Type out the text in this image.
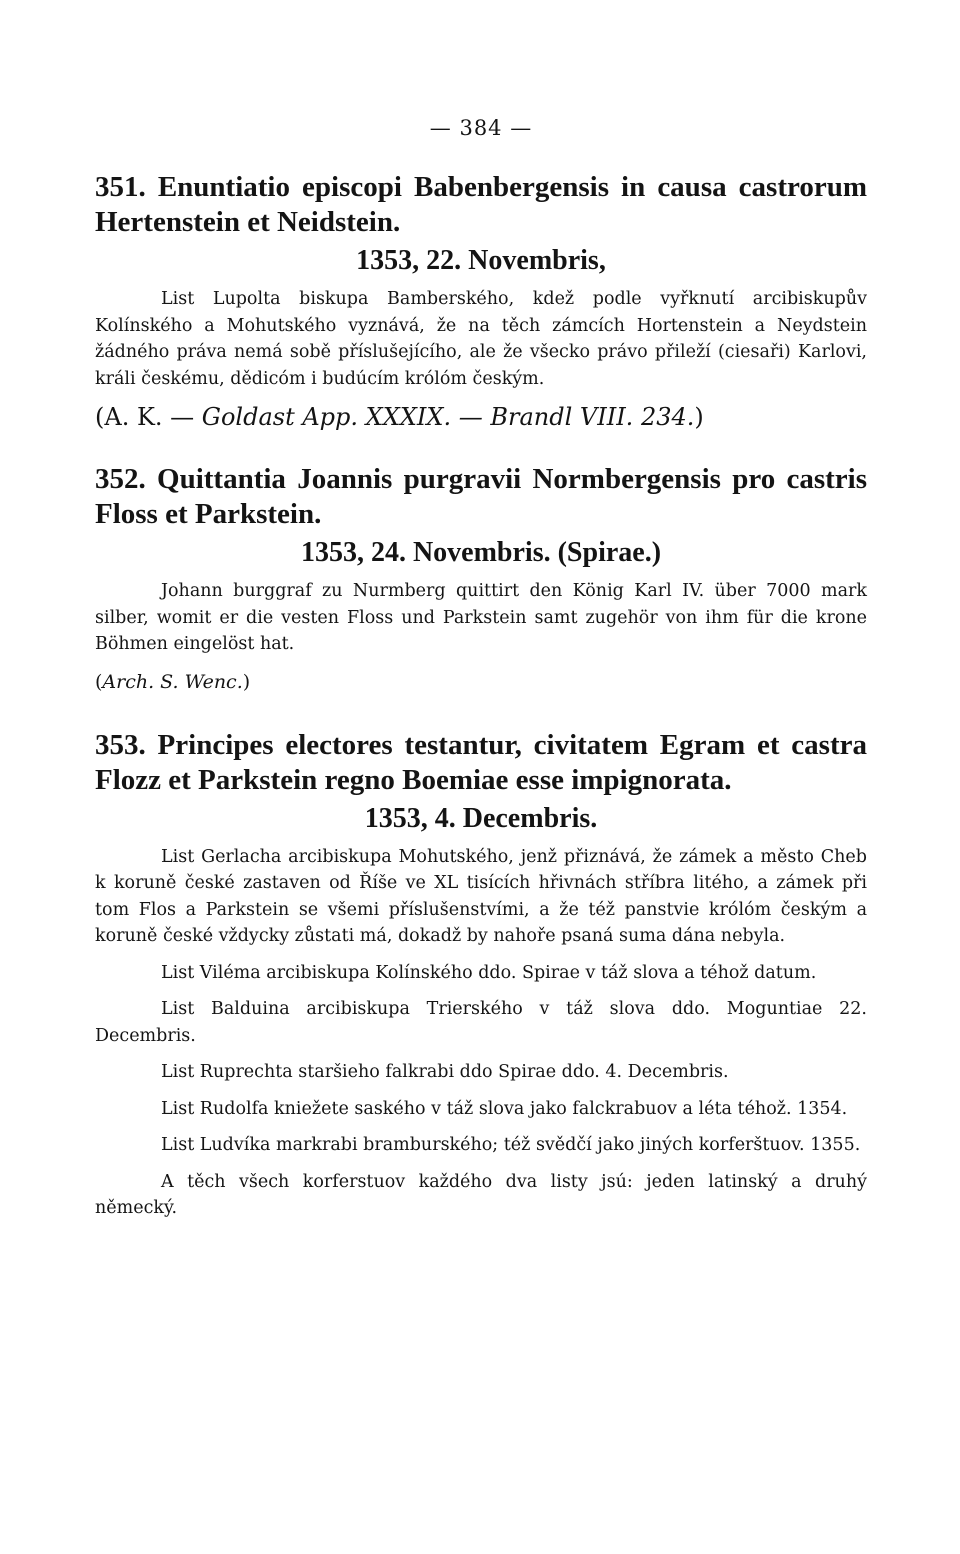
— 384 —
351. Enuntiatio episcopi Babenbergensis in causa castrorum Hertenstein et Neidstein.
1353, 22. Novembris,

List Lupolta biskupa Bamberského, kdež podle vyřknutí arcibiskupův Kolínského a Mohutského vyznává, že na těch zámcích Hortenstein a Neydstein žádného práva nemá sobě příslušejícího, ale že všecko právo přileží (ciesaři) Karlovi, králi českému, dědicóm i budúcím królóm českým.

(A. K. — Goldast App. XXXIX. — Brandl VIII. 234.)

352. Quittantia Joannis purgravii Normbergensis pro castris Floss et Parkstein.
1353, 24. Novembris. (Spirae.)

Johann burggraf zu Nurmberg quittirt den König Karl IV. über 7000 mark silber, womit er die vesten Floss und Parkstein samt zugehör von ihm für die krone Böhmen eingelöst hat.

(Arch. S. Wenc.)

353. Principes electores testantur, civitatem Egram et castra Flozz et Parkstein regno Boemiae esse impignorata.
1353, 4. Decembris.

List Gerlacha arcibiskupa Mohutského, jenž přiznává, že zámek a město Cheb k koruně české zastaven od Říše ve XL tisících hřivnách stříbra litého, a zámek při tom Flos a Parkstein se všemi příslušenstvími, a že též panstvie królóm českým a koruně české vždycky zůstati má, dokadž by nahoře psaná suma dána nebyla.

List Viléma arcibiskupa Kolínského ddo. Spirae v táž slova a téhož datum.

List Balduina arcibiskupa Trierského v táž slova ddo. Moguntiae 22. Decembris.

List Ruprechta staršieho falkrabi ddo Spirae ddo. 4. Decembris.

List Rudolfa kniežete saského v táž slova jako falckrabuov a léta téhož. 1354.

List Ludvíka markrabi bramburského; též svědčí jako jiných korferštuov. 1355.

A těch všech korferstuov každého dva listy jsú: jeden latinský a druhý německý.
